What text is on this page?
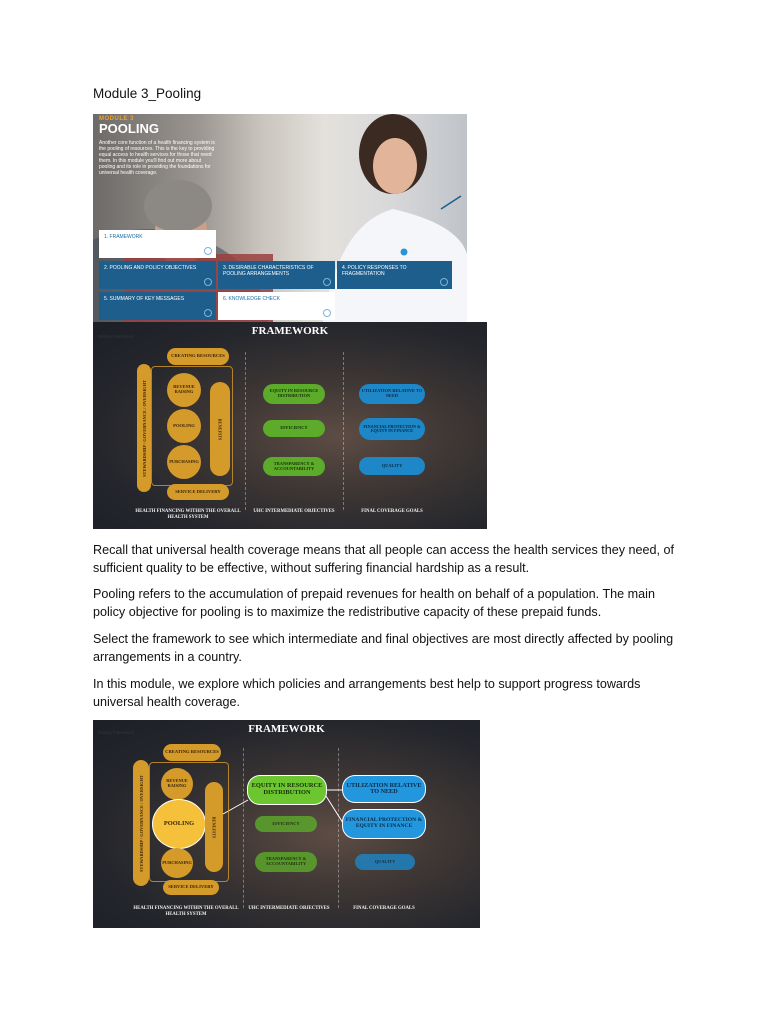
Module 3_Pooling
MODULE 3
POOLING
Another core function of a health financing system is the pooling of resources. This is the key to providing equal access to health services for those that need them. In this module you'll find out more about pooling and its role in providing the foundations for universal health coverage.
1. FRAMEWORK
2. POOLING AND POLICY OBJECTIVES	3. DESIRABLE CHARACTERISTICS OF POOLING ARRANGEMENTS
4. POLICY RESPONSES TO FRAGMENTATION
5. SUMMARY OF KEY MESSAGES	6. KNOWLEDGE CHECK
Display Framework	FRAMEWORK
CREATING RESOURCES
STEWARDSHIP / GOVERNANCE / OVERSIGHT	REVENUE RAISING
POOLING
PURCHASING
BENEFITS
SERVICE DELIVERY
EQUITY IN RESOURCE DISTRIBUTION
EFFICIENCY
TRANSPARENCY & ACCOUNTABILITY
UTILIZATION RELATIVE TO NEED
FINANCIAL PROTECTION & EQUITY IN FINANCE
QUALITY
HEALTH FINANCING WITHIN THE OVERALL HEALTH SYSTEM
UHC INTERMEDIATE OBJECTIVES	FINAL COVERAGE GOALS

Recall that universal health coverage means that all people can access the health services they need, of sufficient quality to be effective, without suffering financial hardship as a result.

Pooling refers to the accumulation of prepaid revenues for health on behalf of a population. The main policy objective for pooling is to maximize the redistributive capacity of these prepaid funds.

Select the framework to see which intermediate and final objectives are most directly affected by pooling arrangements in a country.

In this module, we explore which policies and arrangements best help to support progress towards universal health coverage.

Display Framework	FRAMEWORK
CREATING RESOURCES
STEWARDSHIP / GOVERNANCE / OVERSIGHT	REVENUE RAISING
POOLING
PURCHASING
BENEFITS
SERVICE DELIVERY
EQUITY IN RESOURCE DISTRIBUTION
EFFICIENCY
TRANSPARENCY & ACCOUNTABILITY
UTILIZATION RELATIVE TO NEED
FINANCIAL PROTECTION & EQUITY IN FINANCE
QUALITY
HEALTH FINANCING WITHIN THE OVERALL HEALTH SYSTEM
UHC INTERMEDIATE OBJECTIVES	FINAL COVERAGE GOALS
